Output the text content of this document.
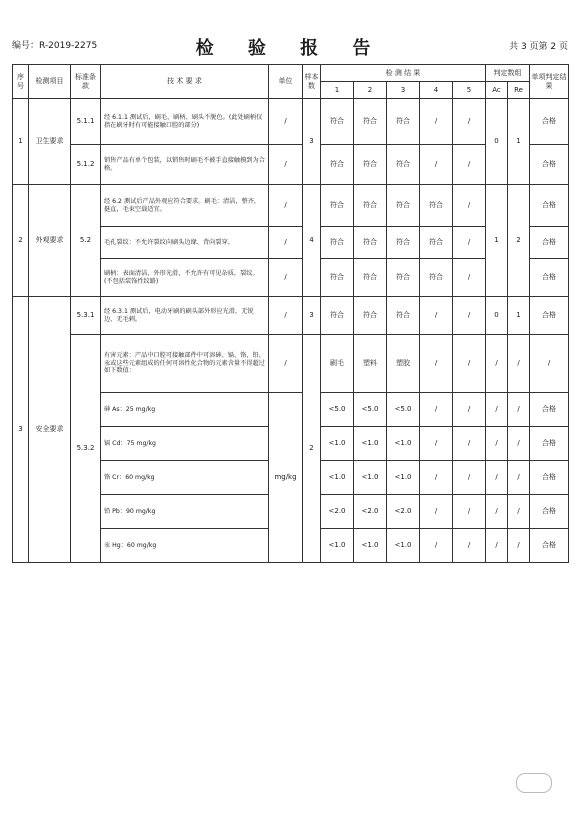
编号：R-2019-2275	检 验 报 告	共 3 页第 2 页
序号	检测项目	标准条款	技 术 要 求	单位	样本数	检 测 结 果					判定数组		单项判定结果
						1	2	3	4	5	Ac	Re	

1	卫生要求	5.1.1	经 6.1.1 测试后，刷毛、刷柄、刷头不脱色。(此处刷柄仅指在刷牙时有可能接触口腔的部分)	/	3	符合	符合	符合	/	/	0	1	合格
		5.1.2	销售产品有单个包装，以销售时刷毛不被手直接触摸到为合格。	/		符合	符合	符合	/	/			合格
2	外观要求	5.2	经 6.2 测试后产品外观应符合要求。刷毛：清洁，整齐，挺直，毛束空载适宜。	/	4	符合	符合	符合	符合	/	1	2	合格
			毛孔裂纹：不允许裂纹向刷头边缘、背向裂穿。	/		符合	符合	符合	符合	/			合格
			刷柄：表面清洁，外形光滑，不允许有可见杂质，裂纹。(不包括装饰性纹路)	/		符合	符合	符合	符合	/			合格
3	安全要求	5.3.1	经 6.3.1 测试后，电动牙刷的刷头部外形应光滑，无锐边、无毛刺。	/	3	符合	符合	符合	/	/	0	1	合格
		5.3.2	有害元素：产品中口腔可接触部件中可溶砷、镉、铬、铅、汞或这些元素组成的任何可溶性化合物的元素含量不得超过如下数值：	/	2	刷毛	塑料	塑胶	/	/	/	/	/
			砷 As：25 mg/kg	mg/kg		<5.0	<5.0	<5.0	/	/	/	/	合格
			镉 Cd：75 mg/kg			<1.0	<1.0	<1.0	/	/	/	/	合格
			铬 Cr：60 mg/kg			<1.0	<1.0	<1.0	/	/	/	/	合格
			铅 Pb：90 mg/kg			<2.0	<2.0	<2.0	/	/	/	/	合格
			汞 Hg：60 mg/kg			<1.0	<1.0	<1.0	/	/	/	/	合格
